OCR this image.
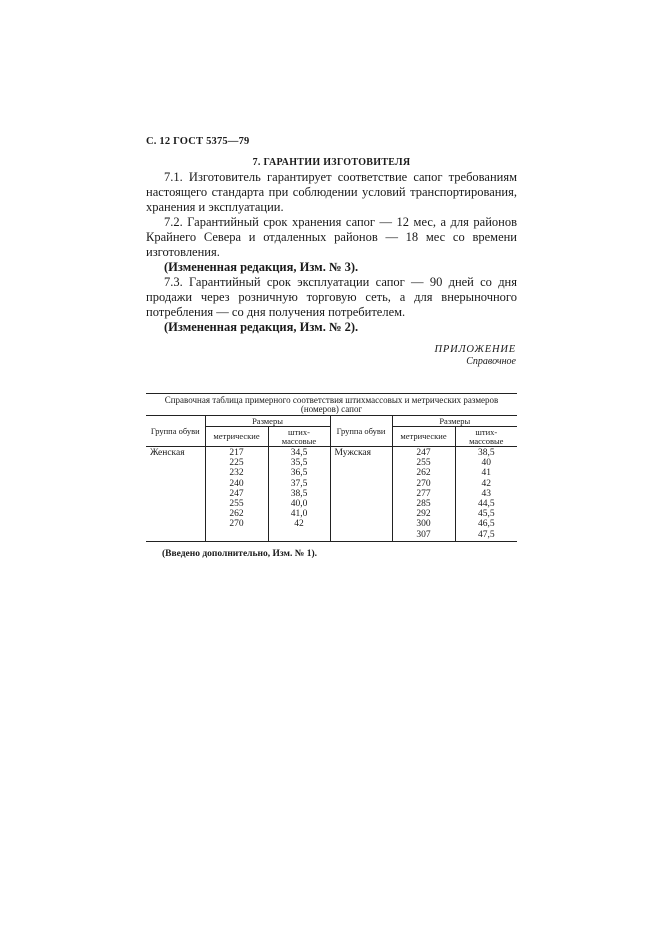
С. 12 ГОСТ 5375—79
7. ГАРАНТИИ ИЗГОТОВИТЕЛЯ

7.1. Изготовитель гарантирует соответствие сапог требованиям настоящего стандарта при соблюдении условий транспортирования, хранения и эксплуатации.

7.2. Гарантийный срок хранения сапог — 12 мес, а для районов Крайнего Севера и отдаленных районов — 18 мес со времени изготовления.

(Измененная редакция, Изм. № 3).

7.3. Гарантийный срок эксплуатации сапог — 90 дней со дня продажи через розничную торговую сеть, а для внерыночного потребления — со дня получения потребителем.

(Измененная редакция, Изм. № 2).

ПРИЛОЖЕНИЕ
Справочное
Справочная таблица примерного соответствия штихмассовых и метрических размеров (номеров) сапог					
Группа обуви	Размеры		Группа обуви	Размеры	
	метрические	штих-массовые		метрические	штих-массовые
Женская	217	34,5	Мужская	247	38,5
	225	35,5		255	40
	232	36,5		262	41
	240	37,5		270	42
	247	38,5		277	43
	255	40,0		285	44,5
	262	41,0		292	45,5
	270	42		300	46,5
				307	47,5
(Введено дополнительно, Изм. № 1).
